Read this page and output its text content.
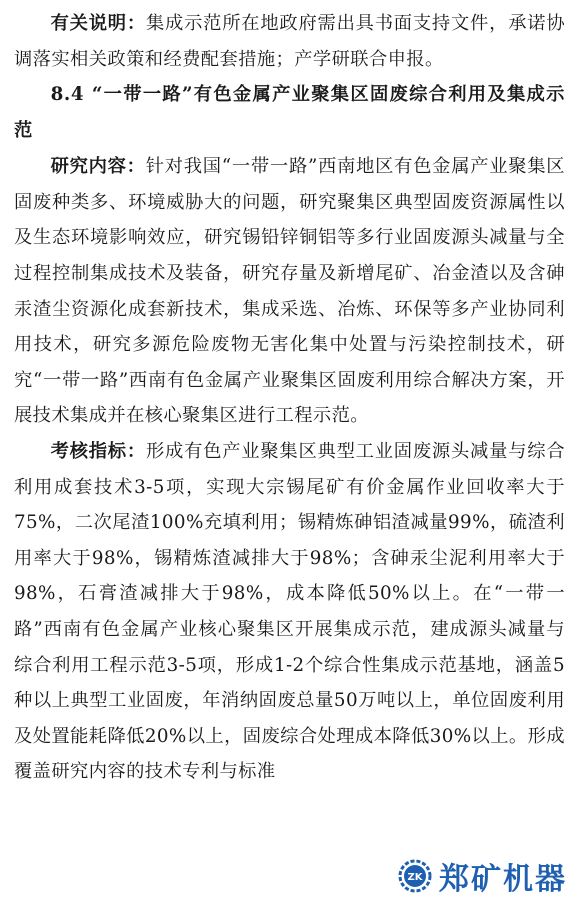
有关说明：集成示范所在地政府需出具书面支持文件，承诺协调落实相关政策和经费配套措施；产学研联合申报。

8.4 “一带一路”有色金属产业聚集区固废综合利用及集成示范

研究内容：针对我国“一带一路”西南地区有色金属产业聚集区固废种类多、环境威胁大的问题，研究聚集区典型固废资源属性以及生态环境影响效应，研究锡铅锌铜铝等多行业固废源头减量与全过程控制集成技术及装备，研究存量及新增尾矿、冶金渣以及含砷汞渣尘资源化成套新技术，集成采选、冶炼、环保等多产业协同利用技术，研究多源危险废物无害化集中处置与污染控制技术，研究“一带一路”西南有色金属产业聚集区固废利用综合解决方案，开展技术集成并在核心聚集区进行工程示范。

考核指标：形成有色产业聚集区典型工业固废源头减量与综合利用成套技术3-5项，实现大宗锡尾矿有价金属作业回收率大于75%，二次尾渣100%充填利用；锡精炼砷铝渣减量99%，硫渣利用率大于98%，锡精炼渣减排大于98%；含砷汞尘泥利用率大于98%，石膏渣减排大于98%，成本降低50%以上。在“一带一路”西南有色金属产业核心聚集区开展集成示范，建成源头减量与综合利用工程示范3-5项，形成1-2个综合性集成示范基地，涵盖5种以上典型工业固废，年消纳固废总量50万吨以上，单位固废利用及处置能耗降低20%以上，固废综合处理成本降低30%以上。形成覆盖研究内容的技术专利与标准

ZK 郑矿机器
